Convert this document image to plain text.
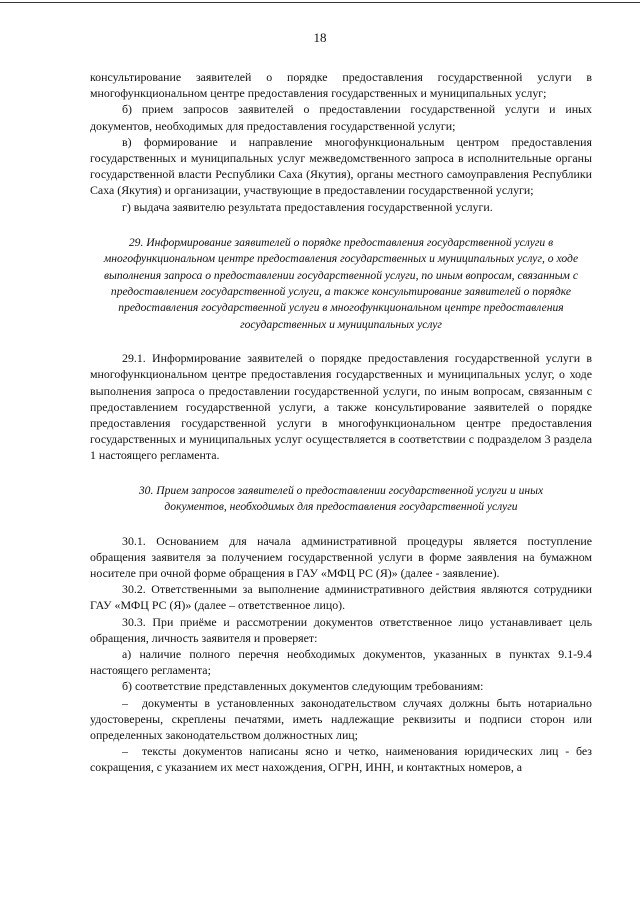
18

консультирование заявителей о порядке предоставления государственной услуги в многофункциональном центре предоставления государственных и муниципальных услуг;

б) прием запросов заявителей о предоставлении государственной услуги и иных документов, необходимых для предоставления государственной услуги;

в) формирование и направление многофункциональным центром предоставления государственных и муниципальных услуг межведомственного запроса в исполнительные органы государственной власти Республики Саха (Якутия), органы местного самоуправления Республики Саха (Якутия) и организации, участвующие в предоставлении государственной услуги;

г) выдача заявителю результата предоставления государственной услуги.

29. Информирование заявителей о порядке предоставления государственной услуги в многофункциональном центре предоставления государственных и муниципальных услуг, о ходе выполнения запроса о предоставлении государственной услуги, по иным вопросам, связанным с предоставлением государственной услуги, а также консультирование заявителей о порядке предоставления государственной услуги в многофункциональном центре предоставления государственных и муниципальных услуг

29.1. Информирование заявителей о порядке предоставления государственной услуги в многофункциональном центре предоставления государственных и муниципальных услуг, о ходе выполнения запроса о предоставлении государственной услуги, по иным вопросам, связанным с предоставлением государственной услуги, а также консультирование заявителей о порядке предоставления государственной услуги в многофункциональном центре предоставления государственных и муниципальных услуг осуществляется в соответствии с подразделом 3 раздела 1 настоящего регламента.

30. Прием запросов заявителей о предоставлении государственной услуги и иных документов, необходимых для предоставления государственной услуги

30.1. Основанием для начала административной процедуры является поступление обращения заявителя за получением государственной услуги в форме заявления на бумажном носителе при очной форме обращения в ГАУ «МФЦ РС (Я)» (далее - заявление).

30.2. Ответственными за выполнение административного действия являются сотрудники ГАУ «МФЦ РС (Я)» (далее – ответственное лицо).

30.3. При приёме и рассмотрении документов ответственное лицо устанавливает цель обращения, личность заявителя и проверяет:

а) наличие полного перечня необходимых документов, указанных в пунктах 9.1-9.4 настоящего регламента;

б) соответствие представленных документов следующим требованиям:

– документы в установленных законодательством случаях должны быть нотариально удостоверены, скреплены печатями, иметь надлежащие реквизиты и подписи сторон или определенных законодательством должностных лиц;

– тексты документов написаны ясно и четко, наименования юридических лиц - без сокращения, с указанием их мест нахождения, ОГРН, ИНН, и контактных номеров, а
